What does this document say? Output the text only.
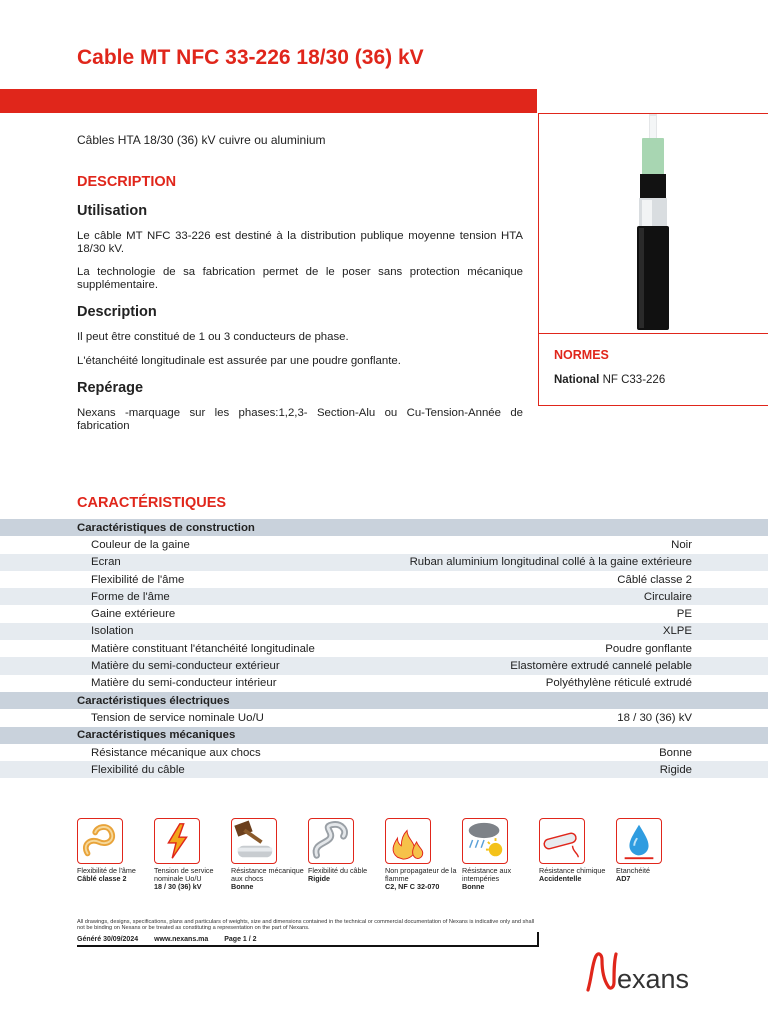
Cable MT NFC 33-226 18/30 (36) kV
Câbles HTA 18/30 (36) kV cuivre ou aluminium
DESCRIPTION
Utilisation

Le câble MT NFC 33-226 est destiné à la distribution publique moyenne tension HTA 18/30 kV.

La technologie de sa fabrication permet de le poser sans protection mécanique supplémentaire.

Description

Il peut être constitué de 1 ou 3 conducteurs de phase.

L'étanchéité longitudinale est assurée par une poudre gonflante.

Repérage

Nexans -marquage sur les phases:1,2,3- Section-Alu ou Cu-Tension-Année de fabrication

NORMES
National NF C33-226
CARACTÉRISTIQUES
Caractéristiques de construction	
Couleur de la gaine	Noir
Ecran	Ruban aluminium longitudinal collé à la gaine extérieure
Flexibilité de l'âme	Câblé classe 2
Forme de l'âme	Circulaire
Gaine extérieure	PE
Isolation	XLPE
Matière constituant l'étanchéité longitudinale	Poudre gonflante
Matière du semi-conducteur extérieur	Elastomère extrudé cannelé pelable
Matière du semi-conducteur intérieur	Polyéthylène réticulé extrudé
Caractéristiques électriques	
Tension de service nominale Uo/U	18 / 30 (36) kV
Caractéristiques mécaniques	
Résistance mécanique aux chocs	Bonne
Flexibilité du câble	Rigide
Flexibilité de l'âme
Câblé classe 2
Tension de service nominale Uo/U
18 / 30 (36) kV
Résistance mécanique aux chocs
Bonne
Flexibilité du câble
Rigide
Non propagateur de la flamme
C2, NF C 32-070
Résistance aux intempéries
Bonne
Résistance chimique
Accidentelle
Etanchéité
AD7
All drawings, designs, specifications, plans and particulars of weights, size and dimensions contained in the technical or commercial documentation of Nexans is indicative only and shall not be binding on Nexans or be treated as constituting a representation on the part of Nexans.
Généré 30/09/2024 www.nexans.ma Page 1 / 2
exans
